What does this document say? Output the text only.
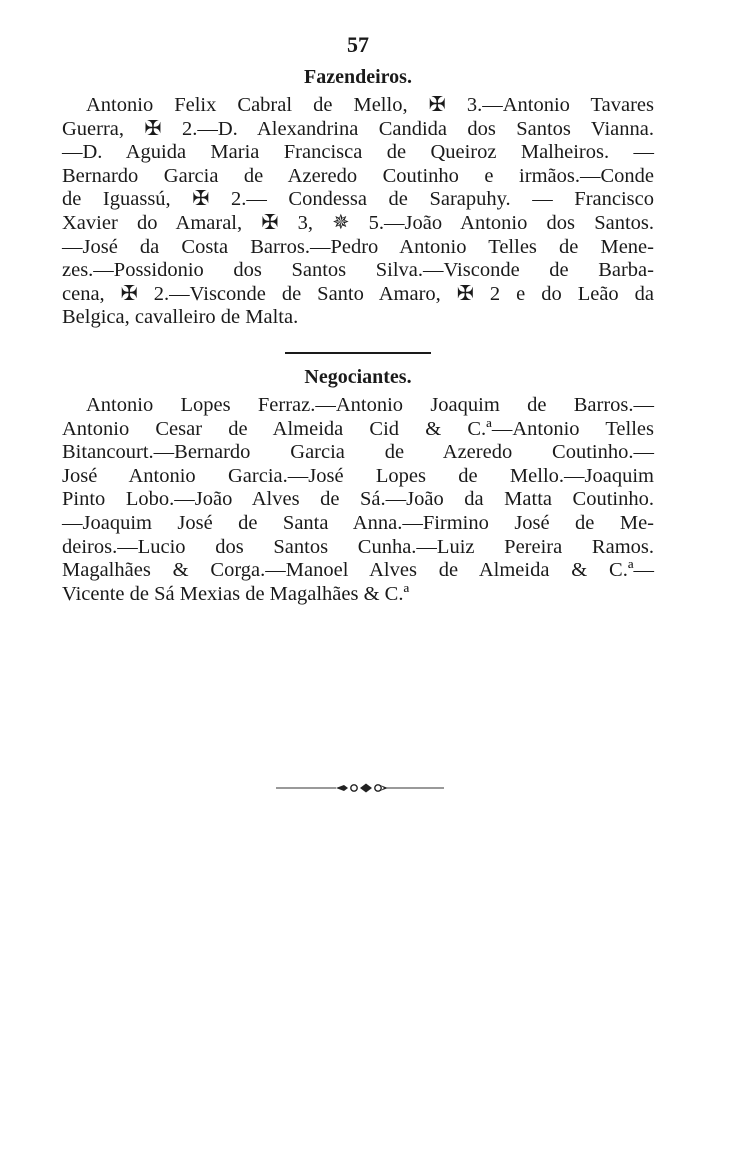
57
Fazendeiros.
Antonio Felix Cabral de Mello, ✠ 3.—Antonio Tavares
Guerra, ✠ 2.—D. Alexandrina Candida dos Santos Vianna.
—D. Aguida Maria Francisca de Queiroz Malheiros. —
Bernardo Garcia de Azeredo Coutinho e irmãos.—Conde
de Iguassú, ✠ 2.— Condessa de Sarapuhy. — Francisco
Xavier do Amaral, ✠ 3, ✵ 5.—João Antonio dos Santos.
—José da Costa Barros.—Pedro Antonio Telles de Mene-
zes.—Possidonio dos Santos Silva.—Visconde de Barba-
cena, ✠ 2.—Visconde de Santo Amaro, ✠ 2 e do Leão da
Belgica, cavalleiro de Malta.
Negociantes.
Antonio Lopes Ferraz.—Antonio Joaquim de Barros.—
Antonio Cesar de Almeida Cid & C.ª—Antonio Telles
Bitancourt.—Bernardo Garcia de Azeredo Coutinho.—
José Antonio Garcia.—José Lopes de Mello.—Joaquim
Pinto Lobo.—João Alves de Sá.—João da Matta Coutinho.
—Joaquim José de Santa Anna.—Firmino José de Me-
deiros.—Lucio dos Santos Cunha.—Luiz Pereira Ramos.
Magalhães & Corga.—Manoel Alves de Almeida & C.ª—
Vicente de Sá Mexias de Magalhães & C.ª
